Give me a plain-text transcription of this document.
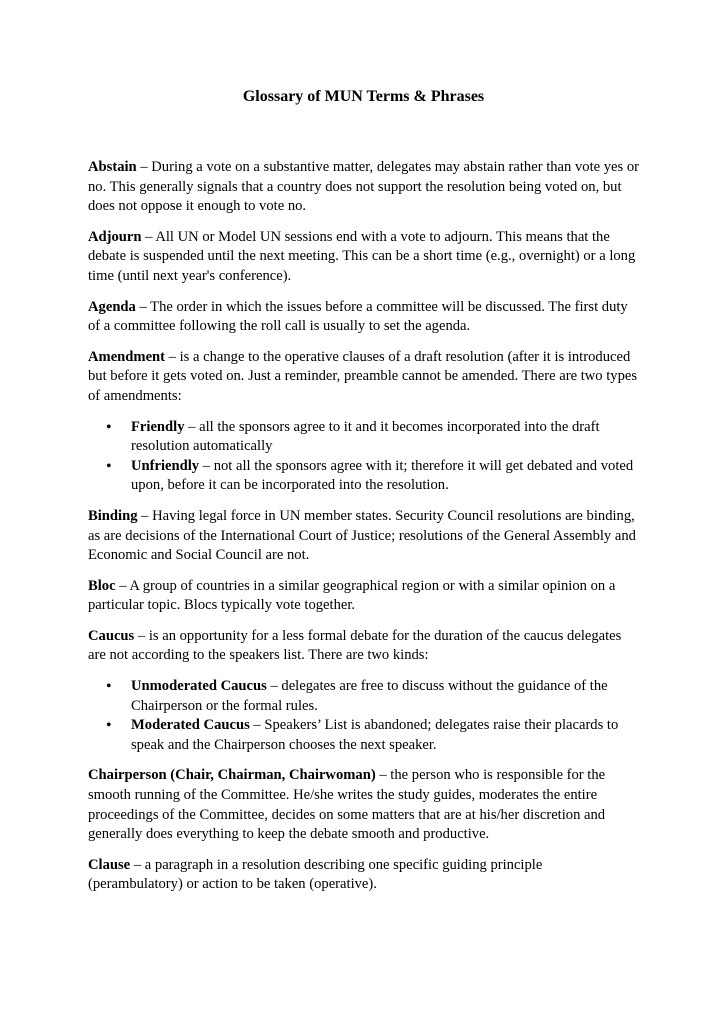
Glossary of MUN Terms & Phrases

Abstain – During a vote on a substantive matter, delegates may abstain rather than vote yes or no. This generally signals that a country does not support the resolution being voted on, but does not oppose it enough to vote no.

Adjourn – All UN or Model UN sessions end with a vote to adjourn. This means that the debate is suspended until the next meeting. This can be a short time (e.g., overnight) or a long time (until next year's conference).

Agenda – The order in which the issues before a committee will be discussed. The first duty of a committee following the roll call is usually to set the agenda.

Amendment – is a change to the operative clauses of a draft resolution (after it is introduced but before it gets voted on. Just a reminder, preamble cannot be amended. There are two types of amendments:

• Friendly – all the sponsors agree to it and it becomes incorporated into the draft resolution automatically
• Unfriendly – not all the sponsors agree with it; therefore it will get debated and voted upon, before it can be incorporated into the resolution.

Binding – Having legal force in UN member states. Security Council resolutions are binding, as are decisions of the International Court of Justice; resolutions of the General Assembly and Economic and Social Council are not.

Bloc – A group of countries in a similar geographical region or with a similar opinion on a particular topic. Blocs typically vote together.

Caucus – is an opportunity for a less formal debate for the duration of the caucus delegates are not according to the speakers list. There are two kinds:

• Unmoderated Caucus – delegates are free to discuss without the guidance of the Chairperson or the formal rules.
• Moderated Caucus – Speakers’ List is abandoned; delegates raise their placards to speak and the Chairperson chooses the next speaker.

Chairperson (Chair, Chairman, Chairwoman) – the person who is responsible for the smooth running of the Committee. He/she writes the study guides, moderates the entire proceedings of the Committee, decides on some matters that are at his/her discretion and generally does everything to keep the debate smooth and productive.

Clause – a paragraph in a resolution describing one specific guiding principle (perambulatory) or action to be taken (operative).
